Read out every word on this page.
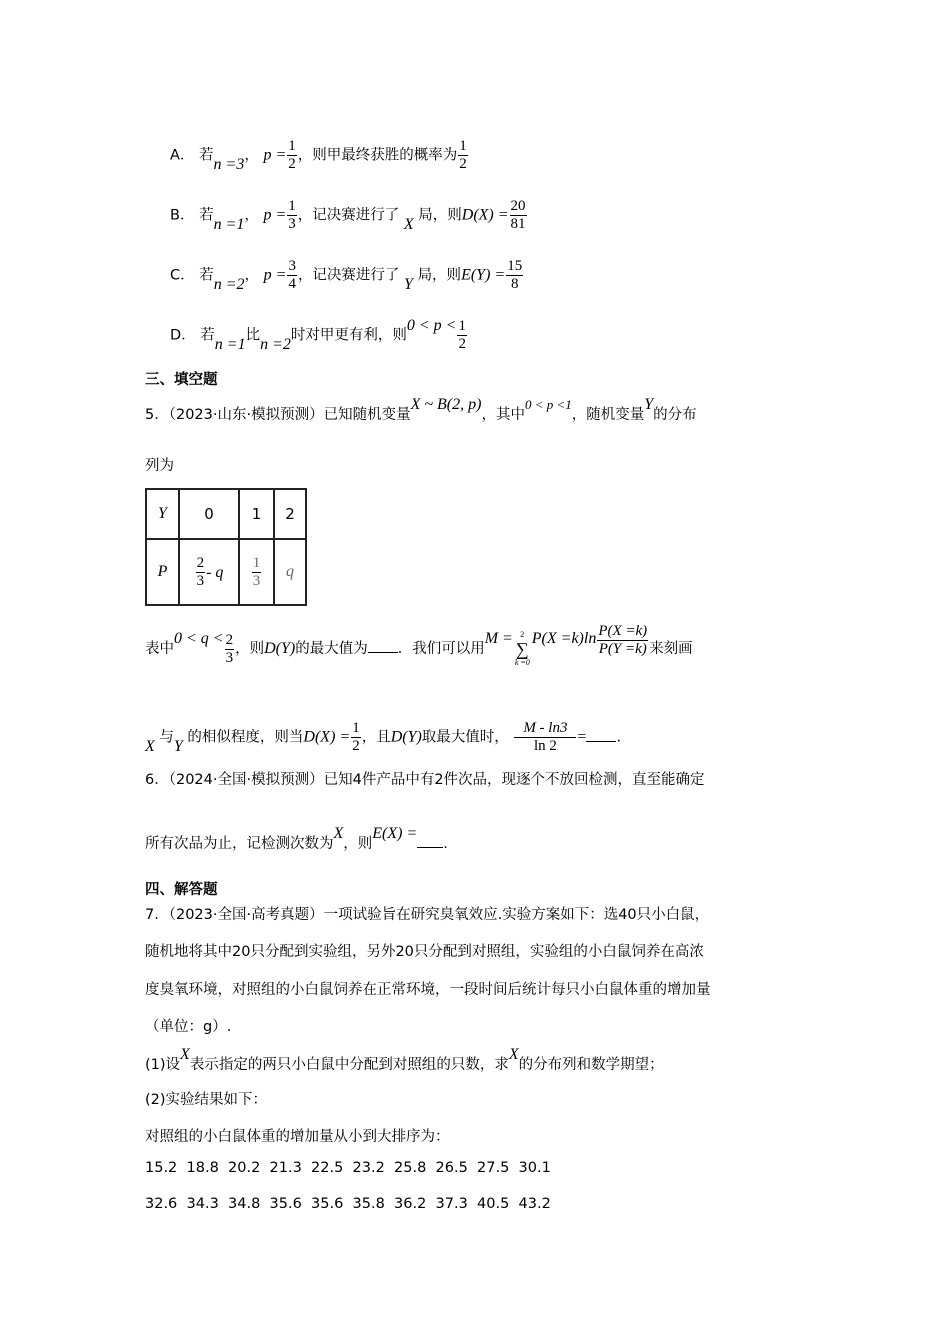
A． 若n =3， $p = \frac{1}{2}$ ，则甲最终获胜的概率为 $\frac{1}{2}$
B． 若n =1， $p = \frac{1}{3}$ ，记决赛进行了 X 局，则$D(X) = \frac{20}{81}$
C． 若n =2， $p = \frac{3}{4}$ ，记决赛进行了 Y 局，则$E(Y) = \frac{15}{8}$
D． 若n =1比n =2时对甲更有利，则$0 < p < \frac{1}{2}$
三、填空题
5．（2023·山东·模拟预测）已知随机变量X ~ B(2, p)，其中0 < p <1，随机变量Y的分布
列为
Y	0	1	2
P	$\frac{2}{3}$ - q	$\frac{1}{3}$	q
表中$0 < q < \frac{2}{3}$ ，则D(Y)的最大值为 ．我们可以用M = 2
∑
k =0
$P(X =k)\ln \frac{P(X =k)}{P(Y =k)}$ 来刻画
X 与Y 的相似程度，则当$D(X) = \frac{1}{2}$ ，且D(Y)取最大值时， $\frac{M - \ln 3}{\ln 2}$ = .
6．（2024·全国·模拟预测）已知4件产品中有2件次品，现逐个不放回检测，直至能确定
所有次品为止，记检测次数为X，则E(X) =.
四、解答题
7．（2023·全国·高考真题）一项试验旨在研究臭氧效应.实验方案如下：选40只小白鼠，
随机地将其中20只分配到实验组，另外20只分配到对照组，实验组的小白鼠饲养在高浓
度臭氧环境，对照组的小白鼠饲养在正常环境，一段时间后统计每只小白鼠体重的增加量
（单位：g）.
(1)设X表示指定的两只小白鼠中分配到对照组的只数，求X的分布列和数学期望；
(2)实验结果如下：
对照组的小白鼠体重的增加量从小到大排序为：
15.2  18.8  20.2  21.3  22.5  23.2  25.8  26.5  27.5  30.1
32.6  34.3  34.8  35.6  35.6  35.8  36.2  37.3  40.5  43.2
